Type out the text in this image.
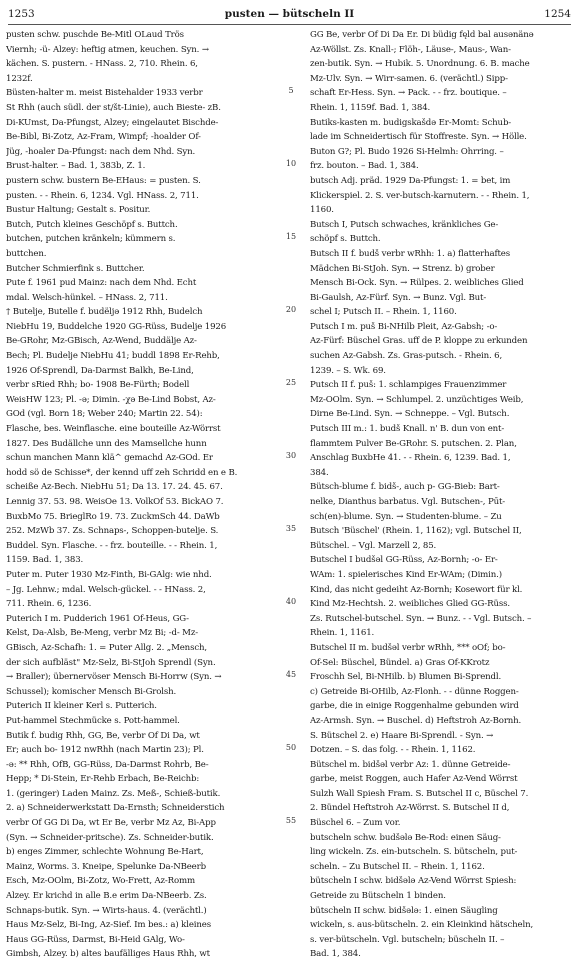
1253	pusten — bütscheln II	1254
pusten schw. puschde Be-Mitl OLaud Trös
Viernh; -ü- Alzey: heftig atmen, keuchen. Syn. →
kächen. S. pustern. - HNass. 2, 710. Rhein. 6,
1232f.
Büsten-halter m. meist Bistehalder 1933 verbr
St Rhh (auch südl. der st/št-Linie), auch Bieste- zB.
Di-KUmst, Da-Pfungst, Alzey; eingelautet Bischde-
Be-Bibl, Bi-Zotz, Az-Fram, Wimpf; -hoalder Of-
Jüg, -hoaler Da-Pfungst: nach dem Nhd. Syn.
Brust-halter. – Bad. 1, 383b, Z. 1.
pustern schw. bustern Be-EHaus: = pusten. S.
pusten. - - Rhein. 6, 1234. Vgl. HNass. 2, 711.
Bustur Haltung; Gestalt s. Positur.
Butch, Putch kleines Geschöpf s. Buttch.
butchen, putchen kränkeln; kümmern s.
buttchen.
Butcher Schmierfink s. Buttcher.
Pute f. 1961 pud Mainz: nach dem Nhd. Echt
mdal. Welsch-hünkel. – HNass. 2, 711.
† Butelje, Butelle f. budëljə 1912 Rhh, Budelch
NiebHu 19, Buddelche 1920 GG-Rüss, Budelje 1926
Be-GRohr, Mz-GBisch, Az-Wend, Buddälje Az-
Bech; Pl. Budelje NiebHu 41; buddl 1898 Er-Rehb,
1926 Of-Sprendl, Da-Darmst Balkh, Be-Lind,
verbr sRied Rhh; bo- 1908 Be-Fürth; Bodell
WeisHW 123; Pl. -ə; Dimin. -χə Be-Lind Bobst, Az-
GOd (vgl. Born 18; Weber 240; Martin 22. 54):
Flasche, bes. Weinflasche. eine bouteille Az-Wörrst
1827. Des Budällche unn des Mamsellche hunn
schun manchen Mann klä^ gemachd Az-GOd. Er
hodd sö de Schisse*, der kennd uff zeh Schridd en e B.
scheiße Az-Bech. NiebHu 51; Da 13. 17. 24. 45. 67.
Lennig 37. 53. 98. WeisOe 13. VolkOf 53. BickAO 7.
BuxbMo 75. BrieglRo 19. 73. ZuckmSch 44. DaWb
252. MzWb 37. Zs. Schnaps-, Schoppen-butelje. S.
Buddel. Syn. Flasche. - - frz. bouteille. - - Rhein. 1,
1159. Bad. 1, 383.
Puter m. Puter 1930 Mz-Finth, Bi-GAlg: wie nhd.
– Jg. Lehnw.; mdal. Welsch-gückel. - - HNass. 2,
711. Rhein. 6, 1236.
Puterich I m. Pudderich 1961 Of-Heus, GG-
Kelst, Da-Alsb, Be-Meng, verbr Mz Bi; -d- Mz-
GBisch, Az-Schafh: 1. = Puter Allg. 2. „Mensch,
der sich aufbläst" Mz-Selz, Bi-StJoh Sprendl (Syn.
→ Braller); übernervöser Mensch Bi-Horrw (Syn. →
Schussel); komischer Mensch Bi-Grolsh.
Puterich II kleiner Kerl s. Putterich.
Put-hammel Stechmücke s. Pott-hammel.
Butik f. budig Rhh, GG, Be, verbr Of Di Da, wt
Er; auch bo- 1912 nwRhh (nach Martin 23); Pl.
-ə: ** Rhh, OfB, GG-Rüss, Da-Darmst Rohrb, Be-
Hepp; * Di-Stein, Er-Rehb Erbach, Be-Reichb:
1. (geringer) Laden Mainz. Zs. Meß-, Schieß-butik.
2. a) Schneiderwerkstatt Da-Ernsth; Schneiderstich
verbr Of GG Di Da, wt Er Be, verbr Mz Az, Bi-App
(Syn. → Schneider-pritsche). Zs. Schneider-butik.
b) enges Zimmer, schlechte Wohnung Be-Hart,
Mainz, Worms. 3. Kneipe, Spelunke Da-NBeerb
Esch, Mz-OOlm, Bi-Zotz, Wo-Frett, Az-Romm
Alzey. Er krichd in alle B.e erim Da-NBeerb. Zs.
Schnaps-butik. Syn. → Wirts-haus. 4. (verächtl.)
Haus Mz-Selz, Bi-Ing, Az-Sief. Im bes.: a) kleines
Haus GG-Rüss, Darmst, Bi-Heid GAlg, Wo-
Gimbsh, Alzey. b) altes baufälliges Haus Rhh, wt
5
10
15
20
25
30
35
40
45
50
55
GG Be, verbr Of Di Da Er. Di büdig fęld bal ausənänə
Az-Wöllst. Zs. Knall-; Flöh-, Läuse-, Maus-, Wan-
zen-butik. Syn. → Hubik. 5. Unordnung. 6. B. mache
Mz-Ulv. Syn. → Wirr-samen. 6. (verächtl.) Sipp-
schaft Er-Hess. Syn. → Pack. - - frz. boutique. –
Rhein. 1, 1159f. Bad. 1, 384.
Butiks-kasten m. budigskašdə Er-Momt: Schub-
lade im Schneidertisch für Stoffreste. Syn. → Hölle.
Buton G?; Pl. Budo 1926 Si-Helmh: Ohrring. –
frz. bouton. – Bad. 1, 384.
butsch Adj. präd. 1929 Da-Pfungst: 1. = bet, im
Klickerspiel. 2. S. ver-butsch-karnutern. - - Rhein. 1,
1160.
Butsch I, Putsch schwaches, kränkliches Ge-
schöpf s. Buttch.
Butsch II f. budš verbr wRhh: 1. a) flatterhaftes
Mädchen Bi-StJoh. Syn. → Strenz. b) grober
Mensch Bi-Ock. Syn. → Rülpes. 2. weibliches Glied
Bi-Gaulsh, Az-Fürf. Syn. → Bunz. Vgl. But-
schel I; Putsch II. – Rhein. 1, 1160.
Putsch I m. puš Bi-NHilb Pleit, Az-Gabsh; -o-
Az-Fürf: Büschel Gras. uff de P. kloppe zu erkunden
suchen Az-Gabsh. Zs. Gras-putsch. - Rhein. 6,
1239. – S. Wk. 69.
Putsch II f. puš: 1. schlampiges Frauenzimmer
Mz-OOlm. Syn. → Schlumpel. 2. unzüchtiges Weib,
Dirne Be-Lind. Syn. → Schneppe. – Vgl. Butsch.
Putsch III m.: 1. budš Knall. n' B. dun von ent-
flammtem Pulver Be-GRohr. S. putschen. 2. Plan,
Anschlag BuxbHe 41. - - Rhein. 6, 1239. Bad. 1,
384.
Bütsch-blume f. bidš-, auch p- GG-Bieb: Bart-
nelke, Dianthus barbatus. Vgl. Butschen-, Pūt-
sch(en)-blume. Syn. → Studenten-blume. – Zu
Butsch 'Büschel' (Rhein. 1, 1162); vgl. Butschel II,
Bütschel. – Vgl. Marzell 2, 85.
Butschel I budšəl GG-Rüss, Az-Bornh; -o- Er-
WAm: 1. spielerisches Kind Er-WAm; (Dimin.)
Kind, das nicht gedeiht Az-Bornh; Kosewort für kl.
Kind Mz-Hechtsh. 2. weibliches Glied GG-Rüss.
Zs. Rutschel-butschel. Syn. → Bunz. - - Vgl. Butsch. –
Rhein. 1, 1161.
Butschel II m. budšəl verbr wRhh, *** oOf; bo-
Of-Sel: Büschel, Bündel. a) Gras Of-KKrotz
Froschh Sel, Bi-NHilb. b) Blumen Bi-Sprendl.
c) Getreide Bi-OHilb, Az-Flonh. - - dünne Roggen-
garbe, die in einige Roggenhalme gebunden wird
Az-Armsh. Syn. → Buschel. d) Heftstroh Az-Bornh.
S. Bütschel 2. e) Haare Bi-Sprendl. - Syn. →
Dotzen. – S. das folg. - - Rhein. 1, 1162.
Bütschel m. bidšəl verbr Az: 1. dünne Getreide-
garbe, meist Roggen, auch Hafer Az-Vend Wörrst
Sulzh Wall Spiesh Fram. S. Butschel II c, Büschel 7.
2. Bündel Heftstroh Az-Wörrst. S. Butschel II d,
Büschel 6. – Zum vor.
butscheln schw. budšələ Be-Rod: einen Säug-
ling wickeln. Zs. ein-butscheln. S. bütscheln, put-
scheln. – Zu Butschel II. – Rhein. 1, 1162.
bütscheln I schw. bidšələ Az-Vend Wörrst Spiesh:
Getreide zu Bütscheln 1 binden.
bütscheln II schw. bidšələ: 1. einen Säugling
wickeln, s. aus-bütscheln. 2. ein Kleinkind hätscheln,
s. ver-bütscheln. Vgl. butscheln; büscheln II. –
Bad. 1, 384.
